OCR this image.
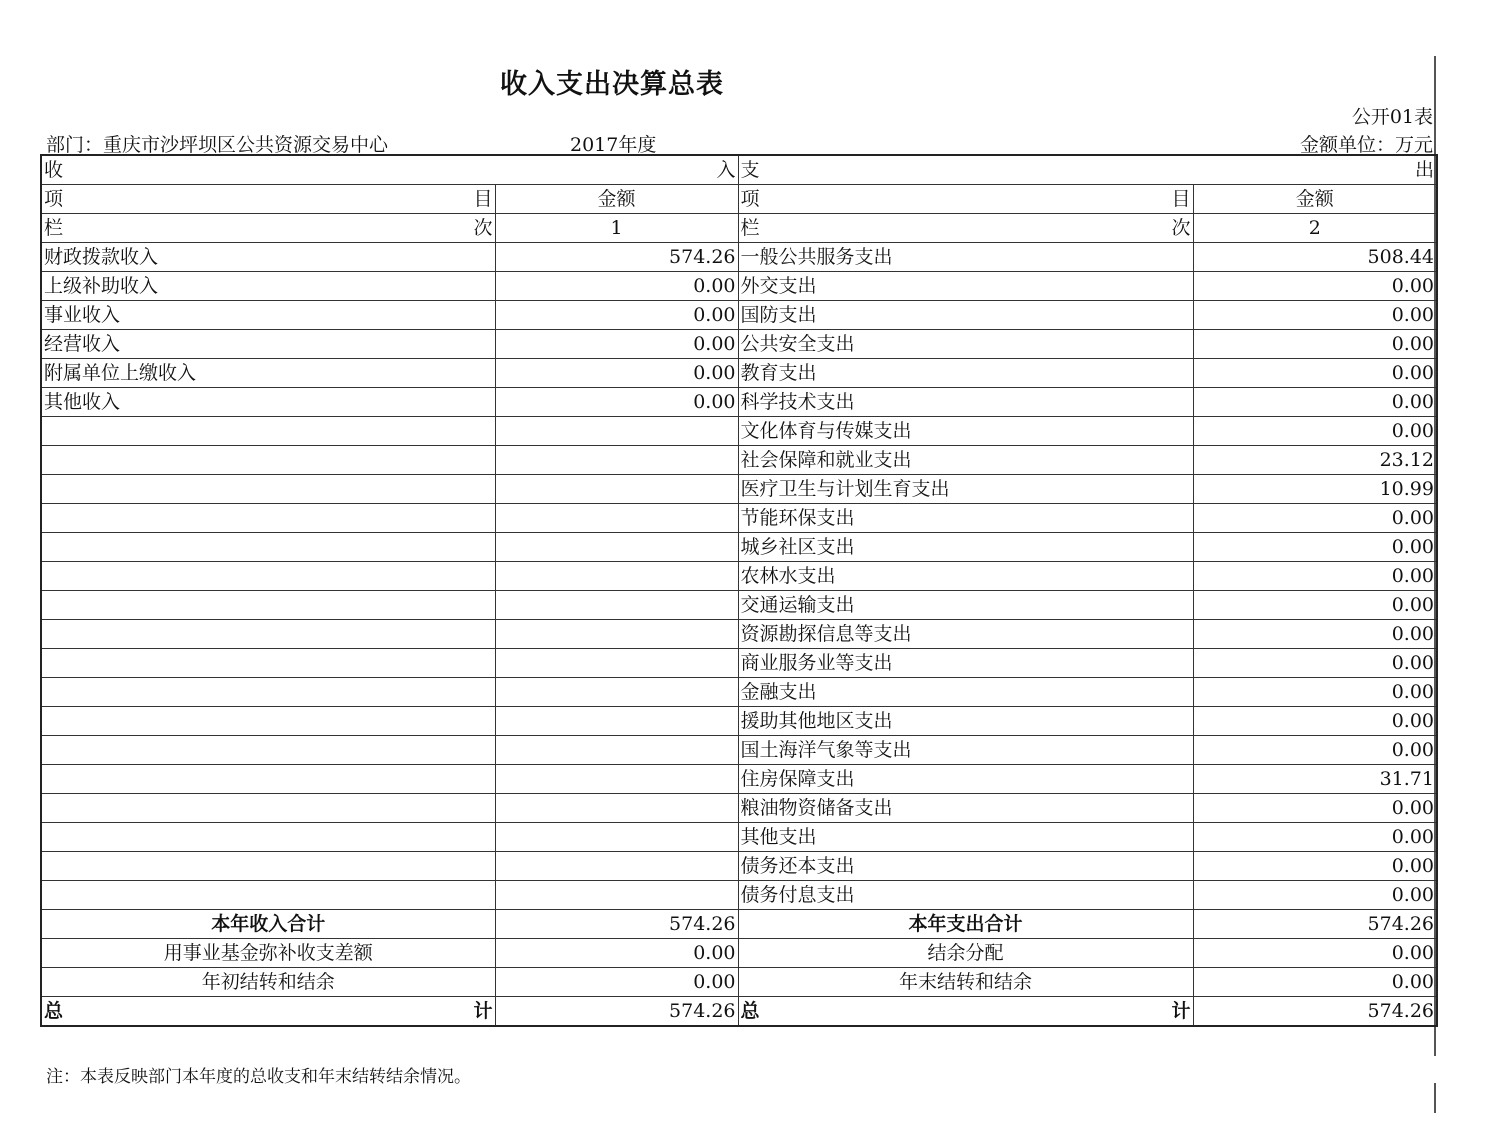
收入支出决算总表
公开01表
部门：重庆市沙坪坝区公共资源交易中心	2017年度	金额单位：万元
收 入		支 出	

项 目	金额	项 目	金额

栏 次	1	栏 次	2
财政拨款收入	574.26	一般公共服务支出	508.44
上级补助收入	0.00	外交支出	0.00
事业收入	0.00	国防支出	0.00
经营收入	0.00	公共安全支出	0.00
附属单位上缴收入	0.00	教育支出	0.00
其他收入	0.00	科学技术支出	0.00
		文化体育与传媒支出	0.00
		社会保障和就业支出	23.12
		医疗卫生与计划生育支出	10.99
		节能环保支出	0.00
		城乡社区支出	0.00
		农林水支出	0.00
		交通运输支出	0.00
		资源勘探信息等支出	0.00
		商业服务业等支出	0.00
		金融支出	0.00
		援助其他地区支出	0.00
		国土海洋气象等支出	0.00
		住房保障支出	31.71
		粮油物资储备支出	0.00
		其他支出	0.00
		债务还本支出	0.00
		债务付息支出	0.00
本年收入合计	574.26	本年支出合计	574.26
用事业基金弥补收支差额	0.00	结余分配	0.00
年初结转和结余	0.00	年末结转和结余	0.00

总 计	574.26	总 计	574.26
注：本表反映部门本年度的总收支和年末结转结余情况。
